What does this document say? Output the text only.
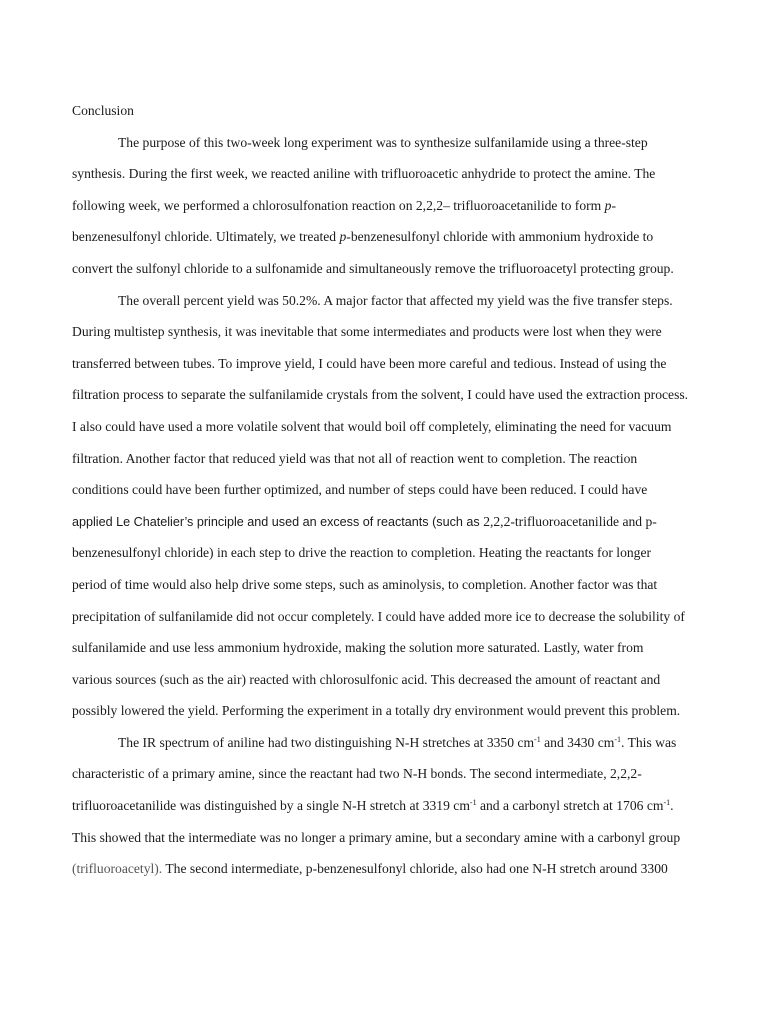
Conclusion
The purpose of this two-week long experiment was to synthesize sulfanilamide using a three-step
synthesis. During the first week, we reacted aniline with trifluoroacetic anhydride to protect the amine. The
following week, we performed a chlorosulfonation reaction on 2,2,2– trifluoroacetanilide to form p-
benzenesulfonyl chloride. Ultimately, we treated p-benzenesulfonyl chloride with ammonium hydroxide to
convert the sulfonyl chloride to a sulfonamide and simultaneously remove the trifluoroacetyl protecting group.
The overall percent yield was 50.2%. A major factor that affected my yield was the five transfer steps.
During multistep synthesis, it was inevitable that some intermediates and products were lost when they were
transferred between tubes. To improve yield, I could have been more careful and tedious. Instead of using the
filtration process to separate the sulfanilamide crystals from the solvent, I could have used the extraction process.
I also could have used a more volatile solvent that would boil off completely, eliminating the need for vacuum
filtration. Another factor that reduced yield was that not all of reaction went to completion. The reaction
conditions could have been further optimized, and number of steps could have been reduced. I could have
applied Le Chatelier’s principle and used an excess of reactants (such as 2,2,2-trifluoroacetanilide and p-
benzenesulfonyl chloride) in each step to drive the reaction to completion. Heating the reactants for longer
period of time would also help drive some steps, such as aminolysis, to completion. Another factor was that
precipitation of sulfanilamide did not occur completely. I could have added more ice to decrease the solubility of
sulfanilamide and use less ammonium hydroxide, making the solution more saturated. Lastly, water from
various sources (such as the air) reacted with chlorosulfonic acid. This decreased the amount of reactant and
possibly lowered the yield. Performing the experiment in a totally dry environment would prevent this problem.
The IR spectrum of aniline had two distinguishing N-H stretches at 3350 $cm^{-1}$ and 3430 $cm^{-1}$. This was
characteristic of a primary amine, since the reactant had two N-H bonds. The second intermediate, 2,2,2-
trifluoroacetanilide was distinguished by a single N-H stretch at 3319 $cm^{-1}$ and a carbonyl stretch at 1706 $cm^{-1}$.
This showed that the intermediate was no longer a primary amine, but a secondary amine with a carbonyl group
(trifluoroacetyl). The second intermediate, p-benzenesulfonyl chloride, also had one N-H stretch around 3300
